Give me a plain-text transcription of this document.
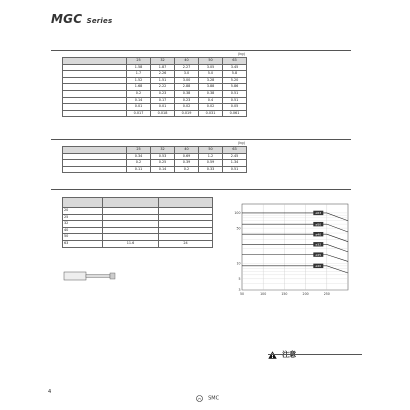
MGC Series
(kg)
	25	32	40	50	63
	1.58	1.87	2.27	3.05	3.45
	1.7	2.26	3.0	5.0	5.8
	1.52	1.51	3.00	3.28	5.20
	1.68	2.22	2.88	3.88	5.86
	0.2	0.23	0.38	0.38	0.51
	0.14	0.17	0.23	0.4	0.51
	0.01	0.01	0.02	0.02	0.05
	0.017	0.018	0.019	0.031	0.061
(kg)
	25	32	40	50	63
	0.34	0.53	0.69	1.2	2.45
	0.2	0.25	0.39	0.59	1.34
	0.11	0.14	0.2	0.33	0.51

20		
25		
32		
40		
50		
63	11.6	24
100
50
10
5
3
50	100	150	200	250
ø63
ø50
ø40
ø32
ø25
ø20
注意
4
SMC
